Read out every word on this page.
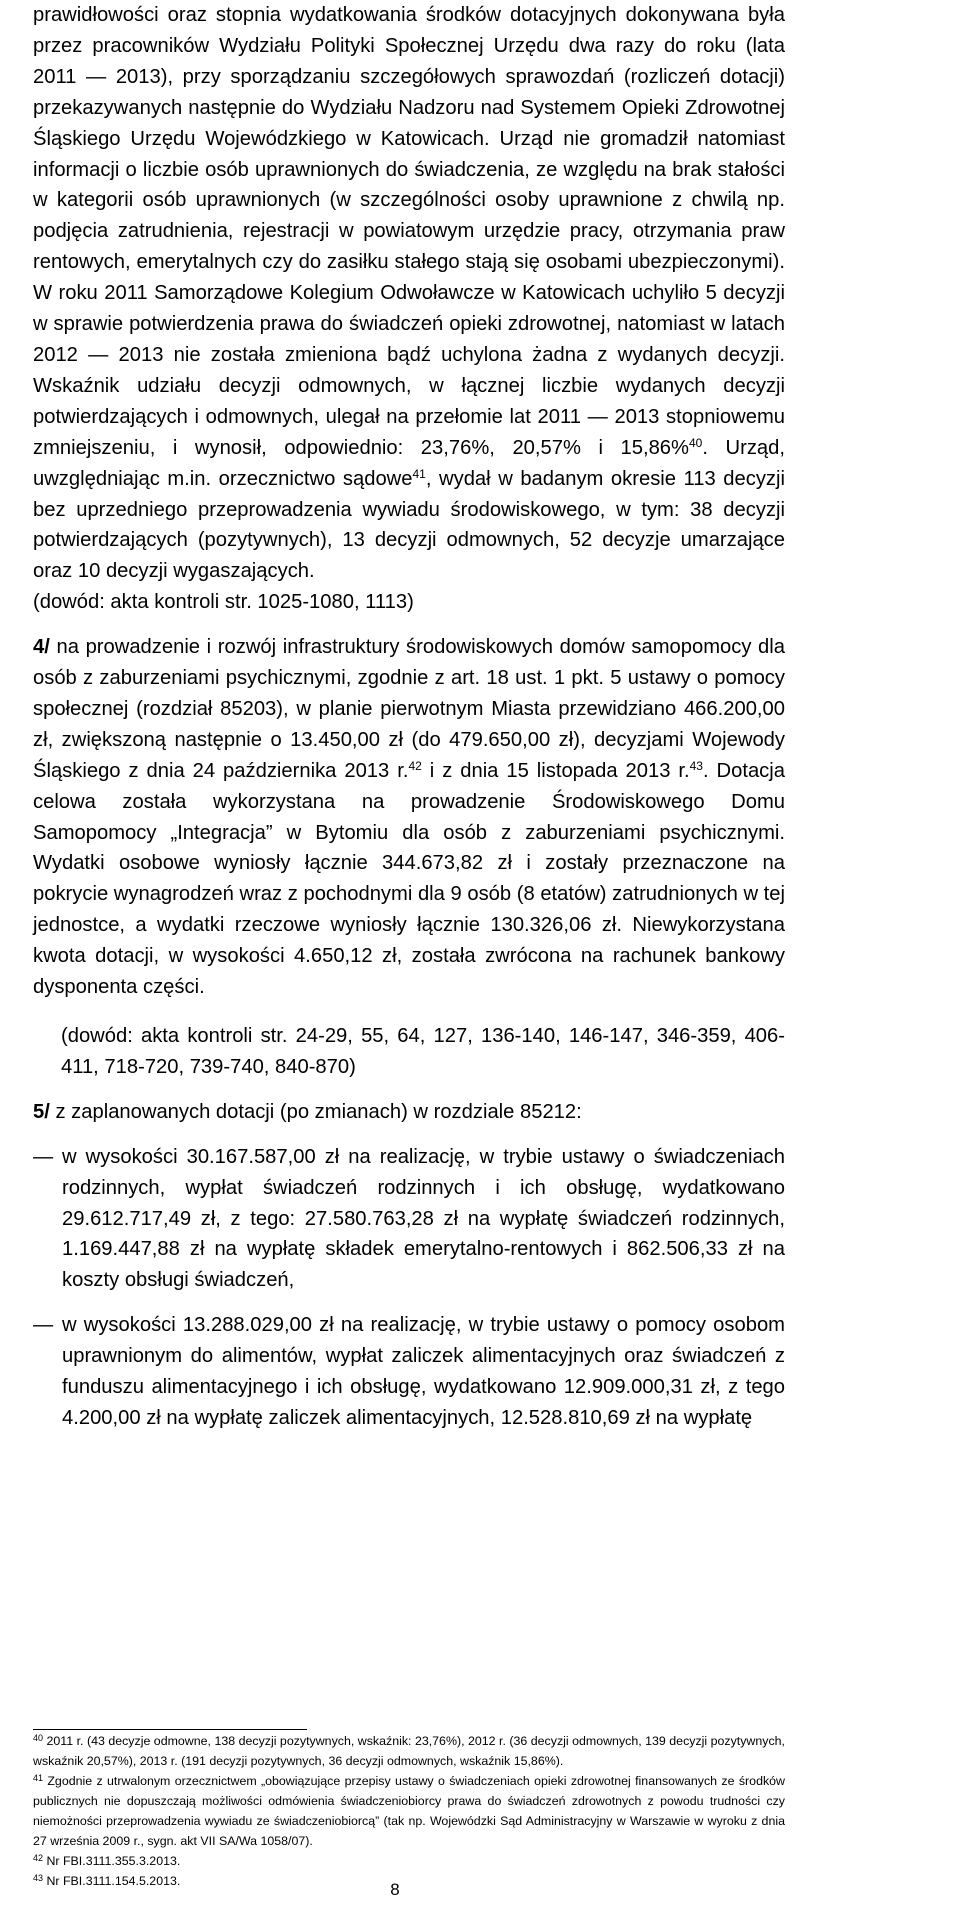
prawidłowości oraz stopnia wydatkowania środków dotacyjnych dokonywana była przez pracowników Wydziału Polityki Społecznej Urzędu dwa razy do roku (lata 2011 — 2013), przy sporządzaniu szczegółowych sprawozdań (rozliczeń dotacji) przekazywanych następnie do Wydziału Nadzoru nad Systemem Opieki Zdrowotnej Śląskiego Urzędu Wojewódzkiego w Katowicach. Urząd nie gromadził natomiast informacji o liczbie osób uprawnionych do świadczenia, ze względu na brak stałości w kategorii osób uprawnionych (w szczególności osoby uprawnione z chwilą np. podjęcia zatrudnienia, rejestracji w powiatowym urzędzie pracy, otrzymania praw rentowych, emerytalnych czy do zasiłku stałego stają się osobami ubezpieczonymi). W roku 2011 Samorządowe Kolegium Odwoławcze w Katowicach uchyliło 5 decyzji w sprawie potwierdzenia prawa do świadczeń opieki zdrowotnej, natomiast w latach 2012 — 2013 nie została zmieniona bądź uchylona żadna z wydanych decyzji. Wskaźnik udziału decyzji odmownych, w łącznej liczbie wydanych decyzji potwierdzających i odmownych, ulegał na przełomie lat 2011 — 2013 stopniowemu zmniejszeniu, i wynosił, odpowiednio: 23,76%, 20,57% i 15,86%$^{40}$. Urząd, uwzględniając m.in. orzecznictwo sądowe$^{41}$, wydał w badanym okresie 113 decyzji bez uprzedniego przeprowadzenia wywiadu środowiskowego, w tym: 38 decyzji potwierdzających (pozytywnych), 13 decyzji odmownych, 52 decyzje umarzające oraz 10 decyzji wygaszających.

(dowód: akta kontroli str. 1025-1080, 1113)

4/ na prowadzenie i rozwój infrastruktury środowiskowych domów samopomocy dla osób z zaburzeniami psychicznymi, zgodnie z art. 18 ust. 1 pkt. 5 ustawy o pomocy społecznej (rozdział 85203), w planie pierwotnym Miasta przewidziano 466.200,00 zł, zwiększoną następnie o 13.450,00 zł (do 479.650,00 zł), decyzjami Wojewody Śląskiego z dnia 24 października 2013 r.$^{42}$ i z dnia 15 listopada 2013 r.$^{43}$. Dotacja celowa została wykorzystana na prowadzenie Środowiskowego Domu Samopomocy „Integracja” w Bytomiu dla osób z zaburzeniami psychicznymi. Wydatki osobowe wyniosły łącznie 344.673,82 zł i zostały przeznaczone na pokrycie wynagrodzeń wraz z pochodnymi dla 9 osób (8 etatów) zatrudnionych w tej jednostce, a wydatki rzeczowe wyniosły łącznie 130.326,06 zł. Niewykorzystana kwota dotacji, w wysokości 4.650,12 zł, została zwrócona na rachunek bankowy dysponenta części.

(dowód: akta kontroli str. 24-29, 55, 64, 127, 136-140, 146-147, 346-359, 406-411, 718-720, 739-740, 840-870)

5/ z zaplanowanych dotacji (po zmianach) w rozdziale 85212:

— w wysokości 30.167.587,00 zł na realizację, w trybie ustawy o świadczeniach rodzinnych, wypłat świadczeń rodzinnych i ich obsługę, wydatkowano 29.612.717,49 zł, z tego: 27.580.763,28 zł na wypłatę świadczeń rodzinnych, 1.169.447,88 zł na wypłatę składek emerytalno-rentowych i 862.506,33 zł na koszty obsługi świadczeń,
— w wysokości 13.288.029,00 zł na realizację, w trybie ustawy o pomocy osobom uprawnionym do alimentów, wypłat zaliczek alimentacyjnych oraz świadczeń z funduszu alimentacyjnego i ich obsługę, wydatkowano 12.909.000,31 zł, z tego 4.200,00 zł na wypłatę zaliczek alimentacyjnych, 12.528.810,69 zł na wypłatę

$^{40}$ 2011 r. (43 decyzje odmowne, 138 decyzji pozytywnych, wskaźnik: 23,76%), 2012 r. (36 decyzji odmownych, 139 decyzji pozytywnych, wskaźnik 20,57%), 2013 r. (191 decyzji pozytywnych, 36 decyzji odmownych, wskaźnik 15,86%).

$^{41}$ Zgodnie z utrwalonym orzecznictwem „obowiązujące przepisy ustawy o świadczeniach opieki zdrowotnej finansowanych ze środków publicznych nie dopuszczają możliwości odmówienia świadczeniobiorcy prawa do świadczeń zdrowotnych z powodu trudności czy niemożności przeprowadzenia wywiadu ze świadczeniobiorcą” (tak np. Wojewódzki Sąd Administracyjny w Warszawie w wyroku z dnia 27 września 2009 r., sygn. akt VII SA/Wa 1058/07).

$^{42}$ Nr FBI.3111.355.3.2013.

$^{43}$ Nr FBI.3111.154.5.2013.	8
